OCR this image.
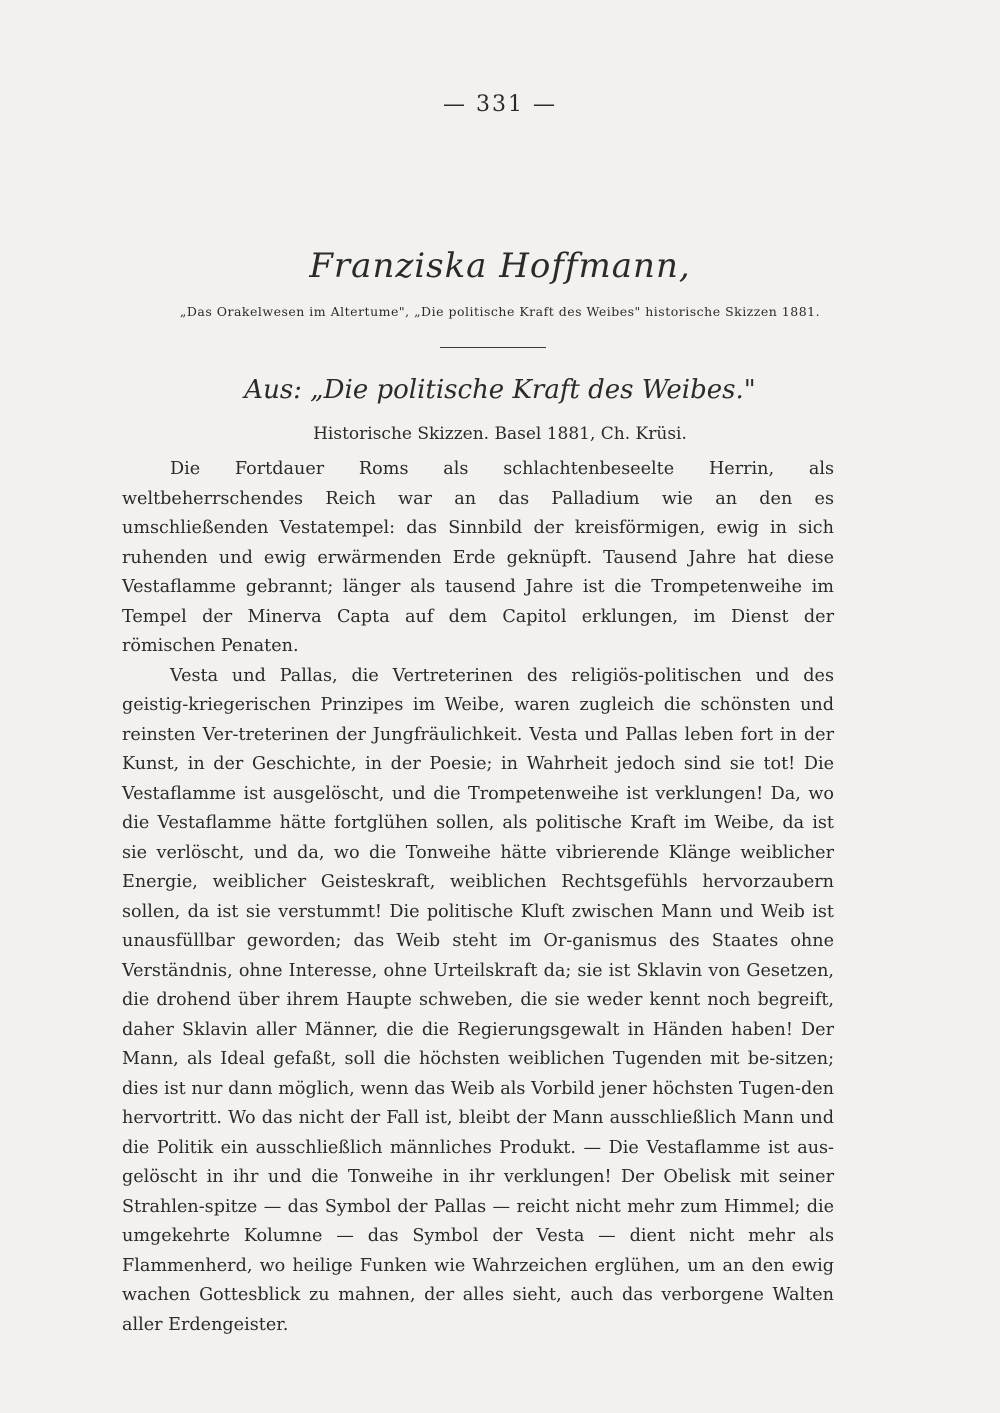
— 331 —
Franziska Hoffmann,
„Das Orakelwesen im Altertume", „Die politische Kraft des Weibes" historische Skizzen 1881.
Aus: „Die politische Kraft des Weibes."
Historische Skizzen. Basel 1881, Ch. Krüsi.

Die Fortdauer Roms als schlachtenbeseelte Herrin, als weltbeherrschendes Reich war an das Palladium wie an den es umschließenden Vestatempel: das Sinnbild der kreisförmigen, ewig in sich ruhenden und ewig erwärmenden Erde geknüpft. Tausend Jahre hat diese Vestaflamme gebrannt; länger als tausend Jahre ist die Trompetenweihe im Tempel der Minerva Capta auf dem Capitol erklungen, im Dienst der römischen Penaten.

Vesta und Pallas, die Vertreterinen des religiös-politischen und des geistig-kriegerischen Prinzipes im Weibe, waren zugleich die schönsten und reinsten Ver-treterinen der Jungfräulichkeit. Vesta und Pallas leben fort in der Kunst, in der Geschichte, in der Poesie; in Wahrheit jedoch sind sie tot! Die Vestaflamme ist ausgelöscht, und die Trompetenweihe ist verklungen! Da, wo die Vestaflamme hätte fortglühen sollen, als politische Kraft im Weibe, da ist sie verlöscht, und da, wo die Tonweihe hätte vibrierende Klänge weiblicher Energie, weiblicher Geisteskraft, weiblichen Rechtsgefühls hervorzaubern sollen, da ist sie verstummt! Die politische Kluft zwischen Mann und Weib ist unausfüllbar geworden; das Weib steht im Or-ganismus des Staates ohne Verständnis, ohne Interesse, ohne Urteilskraft da; sie ist Sklavin von Gesetzen, die drohend über ihrem Haupte schweben, die sie weder kennt noch begreift, daher Sklavin aller Männer, die die Regierungsgewalt in Händen haben! Der Mann, als Ideal gefaßt, soll die höchsten weiblichen Tugenden mit be-sitzen; dies ist nur dann möglich, wenn das Weib als Vorbild jener höchsten Tugen-den hervortritt. Wo das nicht der Fall ist, bleibt der Mann ausschließlich Mann und die Politik ein ausschließlich männliches Produkt. — Die Vestaflamme ist aus-gelöscht in ihr und die Tonweihe in ihr verklungen! Der Obelisk mit seiner Strahlen-spitze — das Symbol der Pallas — reicht nicht mehr zum Himmel; die umgekehrte Kolumne — das Symbol der Vesta — dient nicht mehr als Flammenherd, wo heilige Funken wie Wahrzeichen erglühen, um an den ewig wachen Gottesblick zu mahnen, der alles sieht, auch das verborgene Walten aller Erdengeister.
